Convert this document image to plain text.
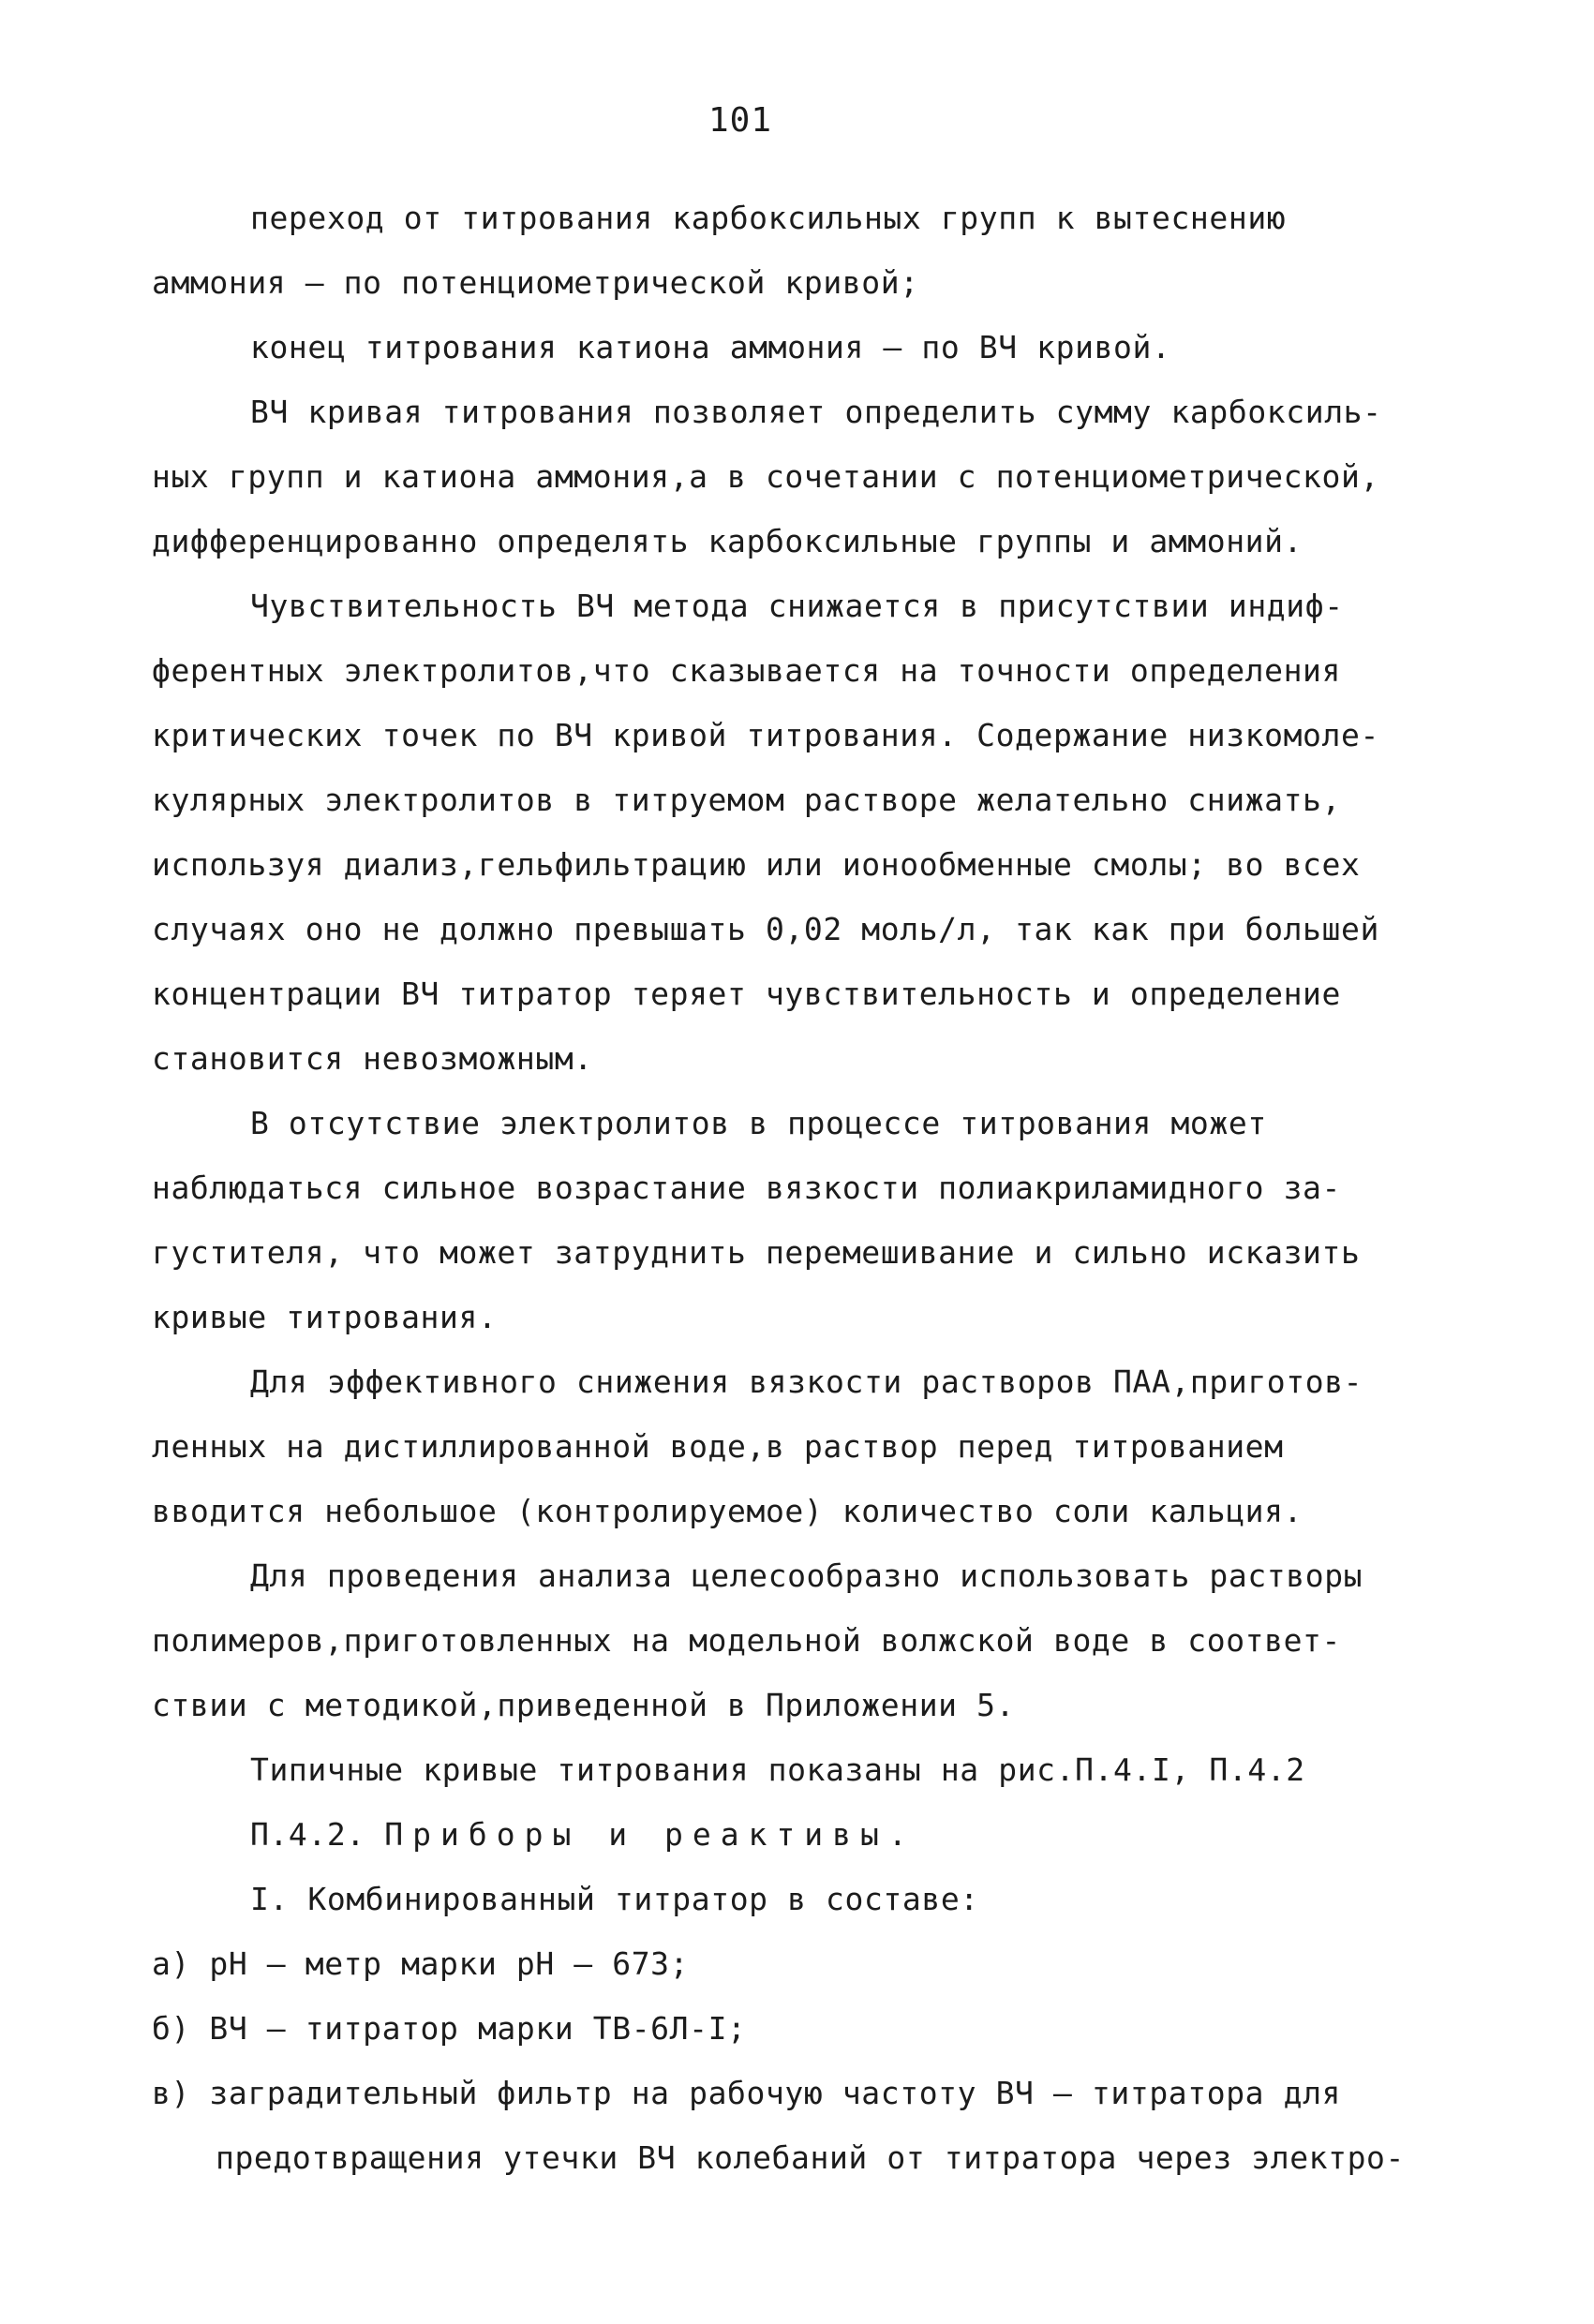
101
переход от титрования карбоксильных групп к вытеснению
аммония – по потенциометрической кривой;
конец титрования катиона аммония – по ВЧ кривой.
ВЧ кривая титрования позволяет определить сумму карбоксиль-
ных групп и катиона аммония,а в сочетании с потенциометрической,
дифференцированно определять карбоксильные группы и аммоний.
Чувствительность ВЧ метода снижается в присутствии индиф-
ферентных электролитов,что сказывается на точности определения
критических точек по ВЧ кривой титрования. Содержание низкомоле-
кулярных электролитов в титруемом растворе желательно снижать,
используя диализ,гельфильтрацию или ионообменные смолы; во всех
случаях оно не должно превышать 0,02 моль/л, так как при большей
концентрации ВЧ титратор теряет чувствительность и определение
становится невозможным.
В отсутствие электролитов в процессе титрования может
наблюдаться сильное возрастание вязкости полиакриламидного за-
густителя, что может затруднить перемешивание и сильно исказить
кривые титрования.
Для эффективного снижения вязкости растворов ПАА,приготов-
ленных на дистиллированной воде,в раствор перед титрованием
вводится небольшое (контролируемое) количество соли кальция.
Для проведения анализа целесообразно использовать растворы
полимеров,приготовленных на модельной волжской воде в соответ-
ствии с методикой,приведенной в Приложении 5.
Типичные кривые титрования показаны на рис.П.4.I, П.4.2
П.4.2. Приборы и реактивы.
I. Комбинированный титратор в составе:
а) рН – метр марки рН – 673;
б) ВЧ – титратор марки ТВ-6Л-I;
в) заградительный фильтр на рабочую частоту ВЧ – титратора для
предотвращения утечки ВЧ колебаний от титратора через электро-
